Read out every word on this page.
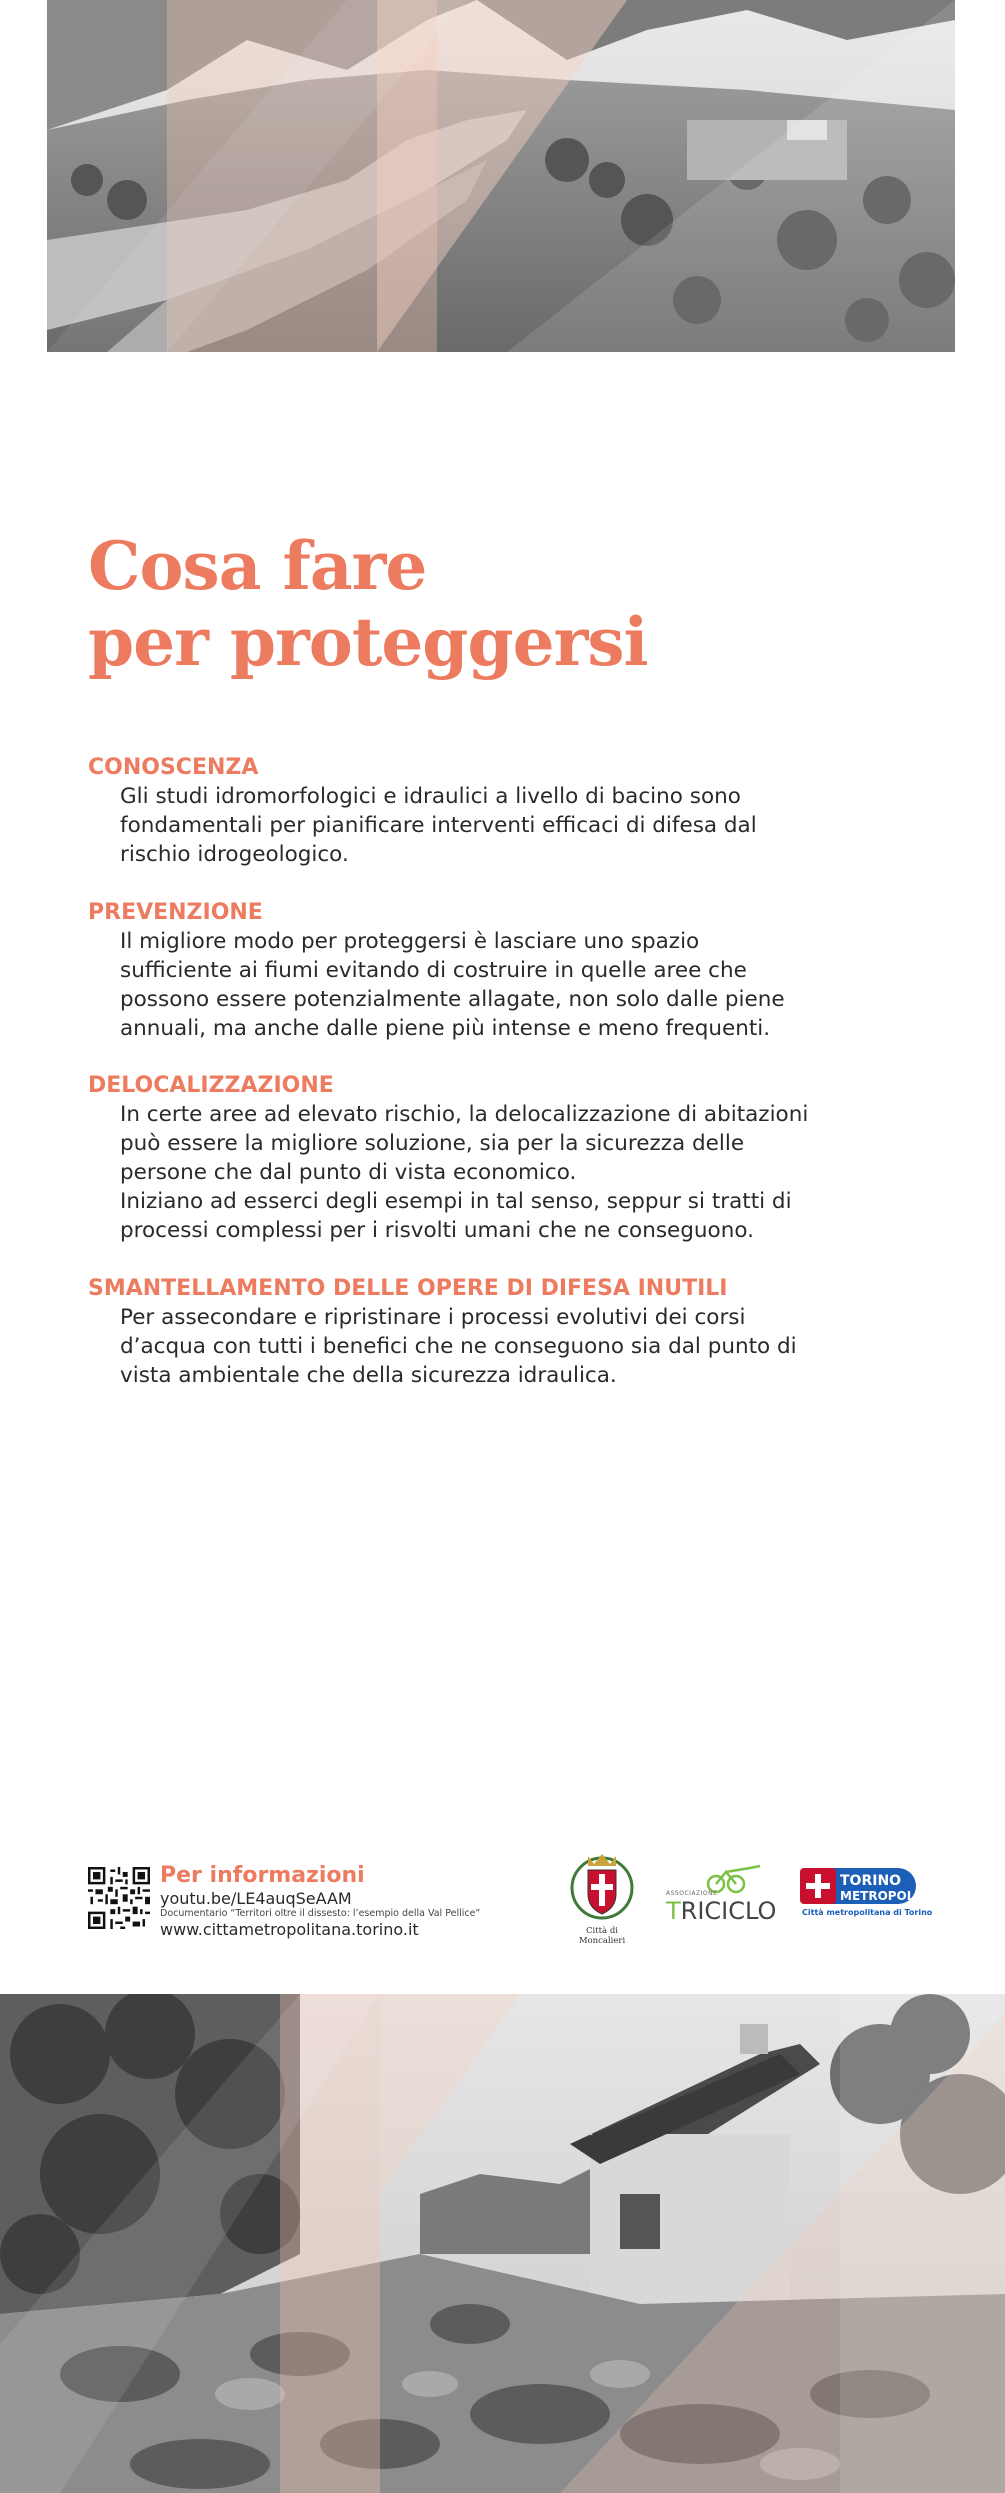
Cosa fare
per proteggersi
CONOSCENZA

Gli studi idromorfologici e idraulici a livello di bacino sono
fondamentali per pianificare interventi efficaci di difesa dal
rischio idrogeologico.

PREVENZIONE

Il migliore modo per proteggersi è lasciare uno spazio
sufficiente ai fiumi evitando di costruire in quelle aree che
possono essere potenzialmente allagate, non solo dalle piene
annuali, ma anche dalle piene più intense e meno frequenti.

DELOCALIZZAZIONE

In certe aree ad elevato rischio, la delocalizzazione di abitazioni
può essere la migliore soluzione, sia per la sicurezza delle
persone che dal punto di vista economico.
Iniziano ad esserci degli esempi in tal senso, seppur si tratti di
processi complessi per i risvolti umani che ne conseguono.

SMANTELLAMENTO DELLE OPERE DI DIFESA INUTILI

Per assecondare e ripristinare i processi evolutivi dei corsi
d’acqua con tutti i benefici che ne conseguono sia dal punto di
vista ambientale che della sicurezza idraulica.

Per informazioni
youtu.be/LE4auqSeAAM
Documentario “Territori oltre il dissesto: l’esempio della Val Pellice”
www.cittametropolitana.torino.it	Città di
Moncalieri
ASSOCIAZIONE
TRICICLO
TORINO
METROPOLI
Città metropolitana di Torino
